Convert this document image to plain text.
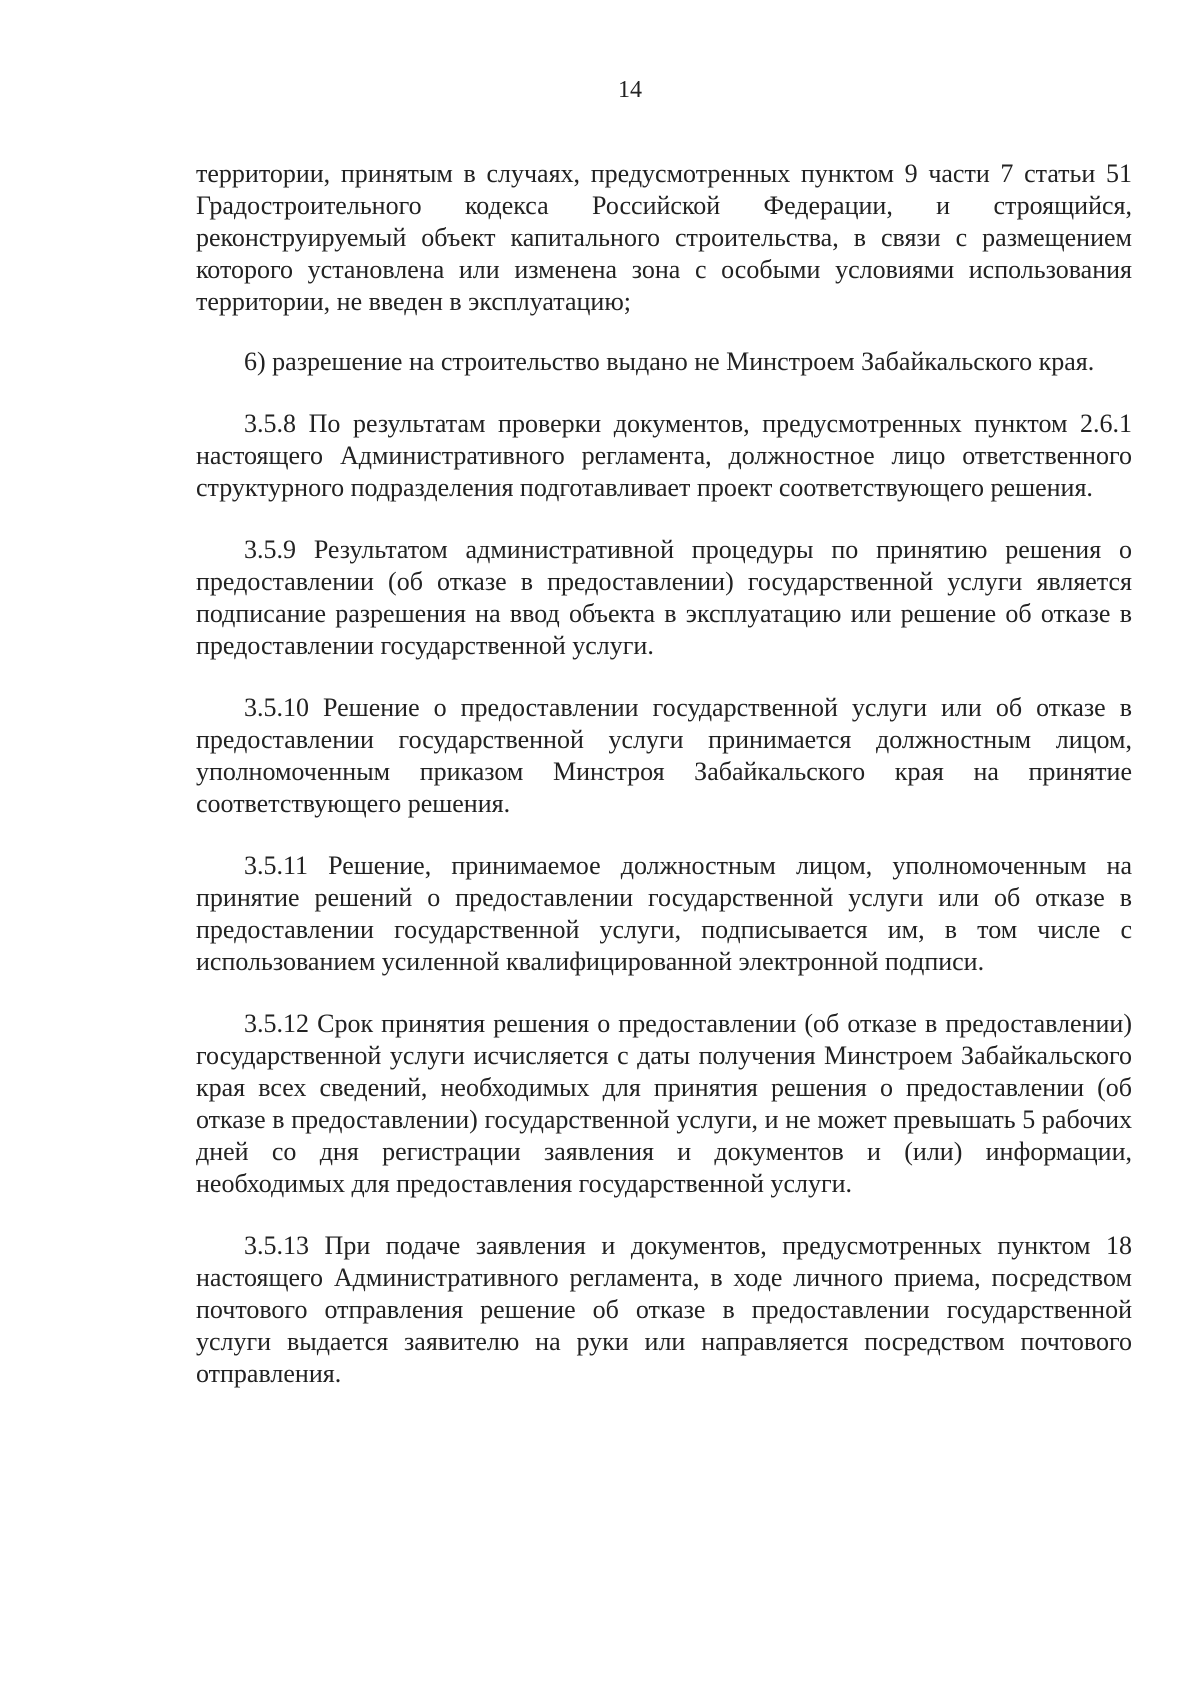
14

территории, принятым в случаях, предусмотренных пунктом 9 части 7 статьи 51 Градостроительного кодекса Российской Федерации, и строящийся, реконструируемый объект капитального строительства, в связи с размещением которого установлена или изменена зона с особыми условиями использования территории, не введен в эксплуатацию;

6) разрешение на строительство выдано не Минстроем Забайкальского края.

3.5.8 По результатам проверки документов, предусмотренных пунктом 2.6.1 настоящего Административного регламента, должностное лицо ответственного структурного подразделения подготавливает проект соответствующего решения.

3.5.9 Результатом административной процедуры по принятию решения о предоставлении (об отказе в предоставлении) государственной услуги является подписание разрешения на ввод объекта в эксплуатацию или решение об отказе в предоставлении государственной услуги.

3.5.10 Решение о предоставлении государственной услуги или об отказе в предоставлении государственной услуги принимается должностным лицом, уполномоченным приказом Минстроя Забайкальского края на принятие соответствующего решения.

3.5.11 Решение, принимаемое должностным лицом, уполномоченным на принятие решений о предоставлении государственной услуги или об отказе в предоставлении государственной услуги, подписывается им, в том числе с использованием усиленной квалифицированной электронной подписи.

3.5.12 Срок принятия решения о предоставлении (об отказе в предоставлении) государственной услуги исчисляется с даты получения Минстроем Забайкальского края всех сведений, необходимых для принятия решения о предоставлении (об отказе в предоставлении) государственной услуги, и не может превышать 5 рабочих дней со дня регистрации заявления и документов и (или) информации, необходимых для предоставления государственной услуги.

3.5.13 При подаче заявления и документов, предусмотренных пунктом 18 настоящего Административного регламента, в ходе личного приема, посредством почтового отправления решение об отказе в предоставлении государственной услуги выдается заявителю на руки или направляется посредством почтового отправления.
